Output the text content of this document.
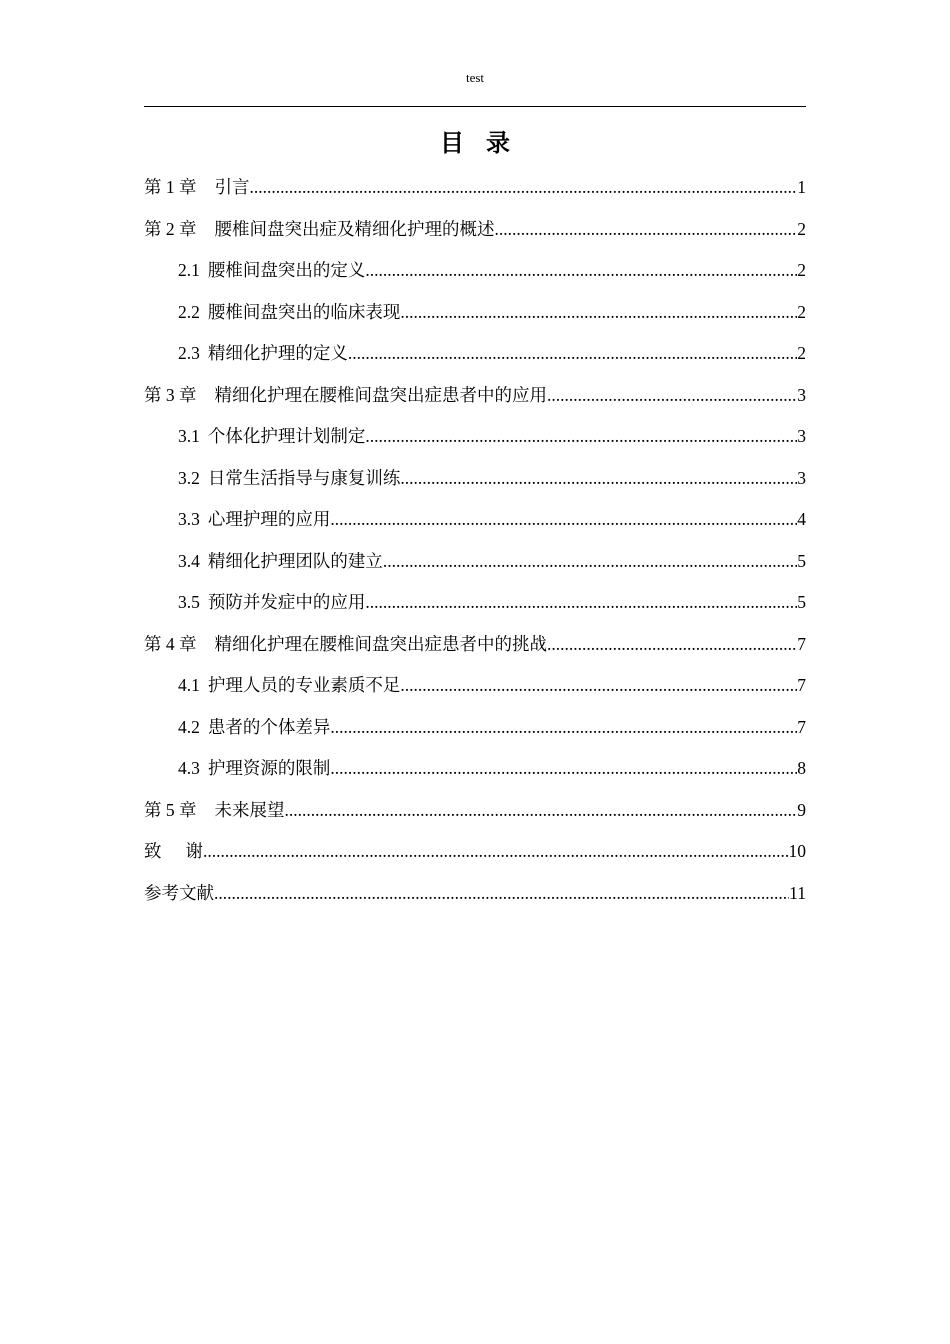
test
目 录
第 1 章 引言 .....	1
第 2 章 腰椎间盘突出症及精细化护理的概述 .....	2
2.1 腰椎间盘突出的定义 .....	2
2.2 腰椎间盘突出的临床表现 .....	2
2.3 精细化护理的定义 .....	2
第 3 章 精细化护理在腰椎间盘突出症患者中的应用 .....	3
3.1 个体化护理计划制定 .....	3
3.2 日常生活指导与康复训练 .....	3
3.3 心理护理的应用 .....	4
3.4 精细化护理团队的建立 .....	5
3.5 预防并发症中的应用 .....	5
第 4 章 精细化护理在腰椎间盘突出症患者中的挑战 .....	7
4.1 护理人员的专业素质不足 .....	7
4.2 患者的个体差异 .....	7
4.3 护理资源的限制 .....	8
第 5 章 未来展望 .....	9
致 谢 .....	10
参考文献 .....	11
